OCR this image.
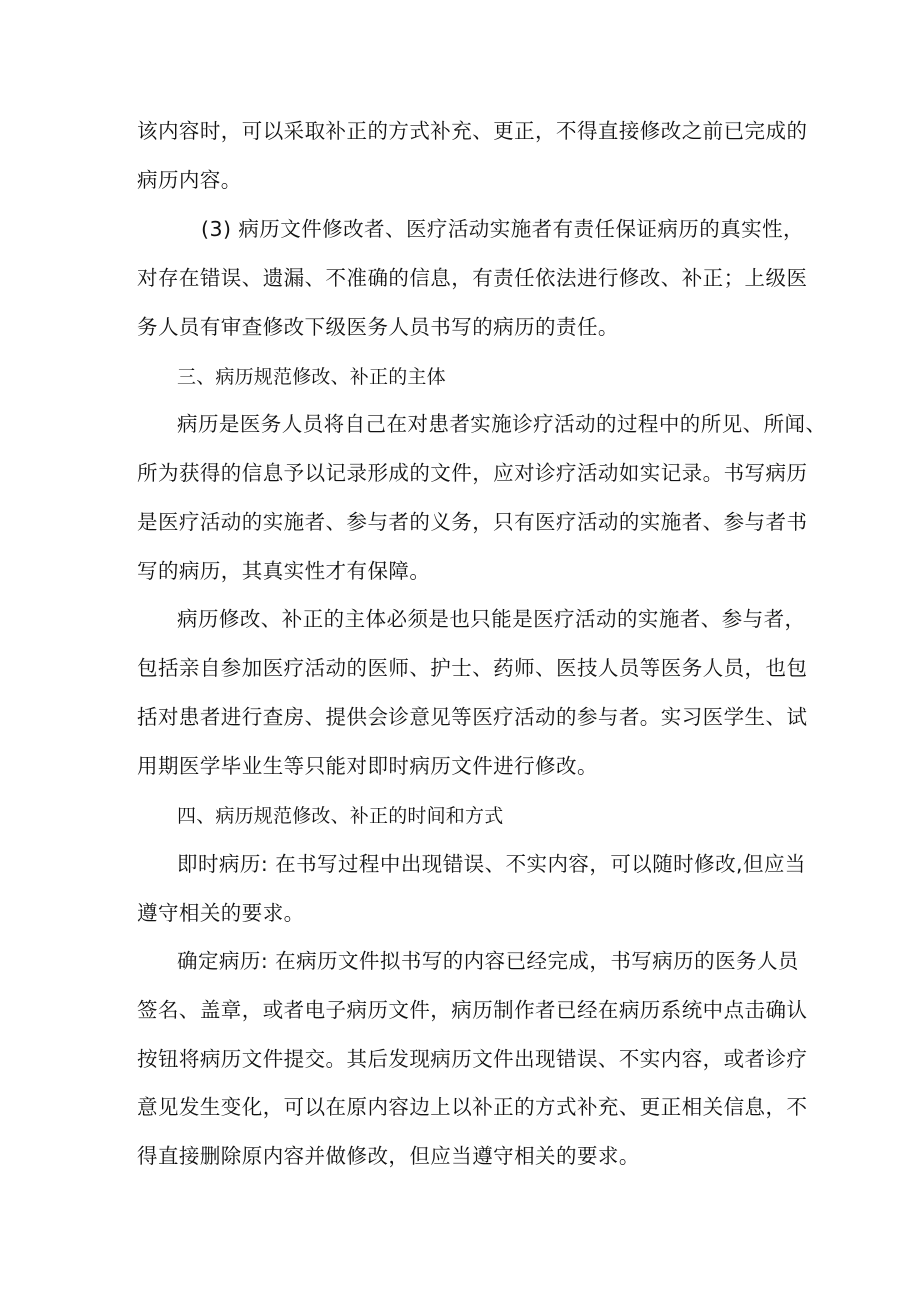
该内容时，可以采取补正的方式补充、更正，不得直接修改之前已完成的

病历内容。

(3) 病历文件修改者、医疗活动实施者有责任保证病历的真实性，

对存在错误、遗漏、不准确的信息，有责任依法进行修改、补正；上级医

务人员有审查修改下级医务人员书写的病历的责任。

三、病历规范修改、补正的主体

病历是医务人员将自己在对患者实施诊疗活动的过程中的所见、所闻、

所为获得的信息予以记录形成的文件，应对诊疗活动如实记录。书写病历

是医疗活动的实施者、参与者的义务，只有医疗活动的实施者、参与者书

写的病历，其真实性才有保障。

病历修改、补正的主体必须是也只能是医疗活动的实施者、参与者，

包括亲自参加医疗活动的医师、护士、药师、医技人员等医务人员，也包

括对患者进行查房、提供会诊意见等医疗活动的参与者。实习医学生、试

用期医学毕业生等只能对即时病历文件进行修改。

四、病历规范修改、补正的时间和方式

即时病历: 在书写过程中出现错误、不实内容，可以随时修改,但应当

遵守相关的要求。

确定病历: 在病历文件拟书写的内容已经完成，书写病历的医务人员

签名、盖章，或者电子病历文件，病历制作者已经在病历系统中点击确认

按钮将病历文件提交。其后发现病历文件出现错误、不实内容，或者诊疗

意见发生变化，可以在原内容边上以补正的方式补充、更正相关信息，不

得直接删除原内容并做修改，但应当遵守相关的要求。
